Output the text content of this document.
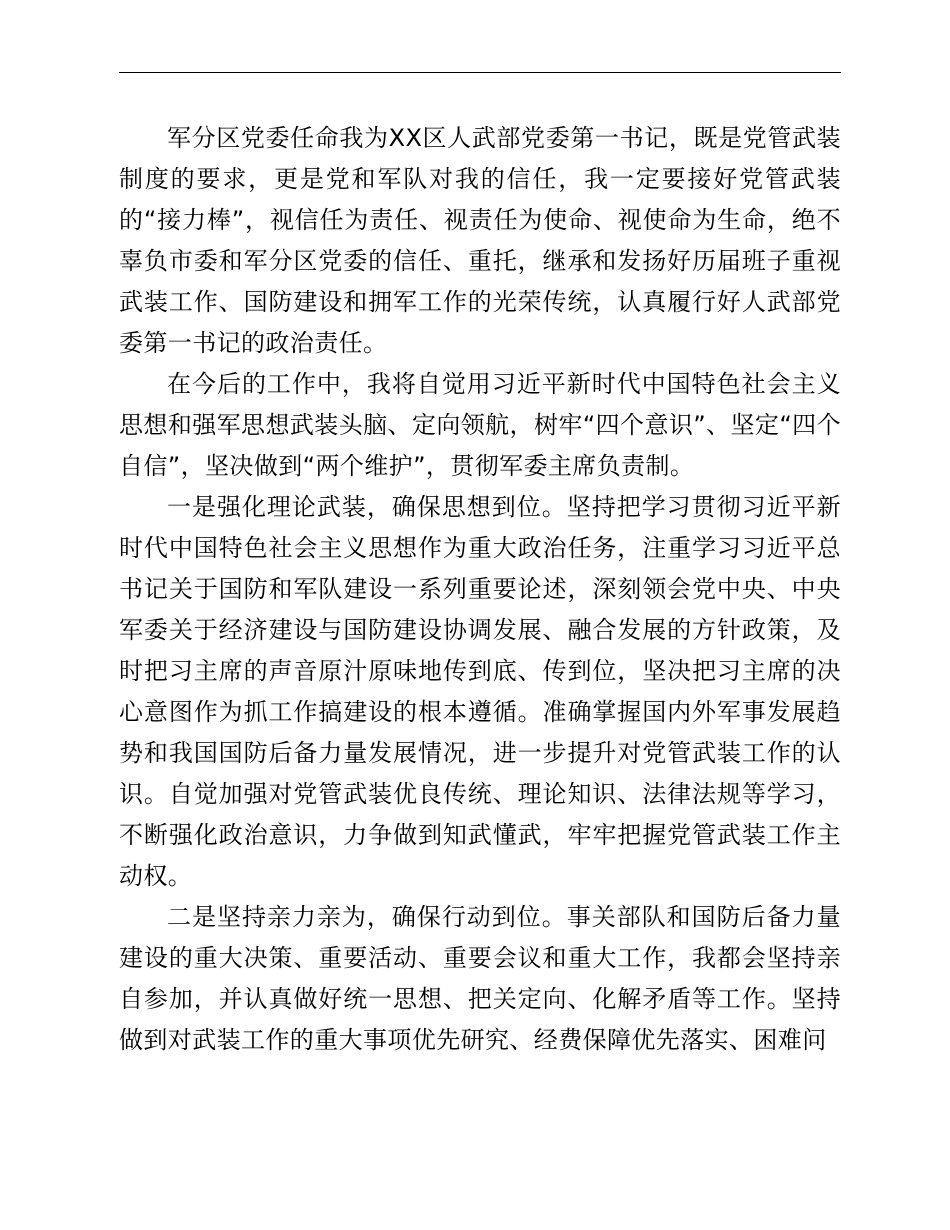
军分区党委任命我为XX区人武部党委第一书记，既是党管武装制度的要求，更是党和军队对我的信任，我一定要接好党管武装的“接力棒”，视信任为责任、视责任为使命、视使命为生命，绝不辜负市委和军分区党委的信任、重托，继承和发扬好历届班子重视武装工作、国防建设和拥军工作的光荣传统，认真履行好人武部党委第一书记的政治责任。

在今后的工作中，我将自觉用习近平新时代中国特色社会主义思想和强军思想武装头脑、定向领航，树牢“四个意识”、坚定“四个自信”，坚决做到“两个维护”，贯彻军委主席负责制。

一是强化理论武装，确保思想到位。坚持把学习贯彻习近平新时代中国特色社会主义思想作为重大政治任务，注重学习习近平总书记关于国防和军队建设一系列重要论述，深刻领会党中央、中央军委关于经济建设与国防建设协调发展、融合发展的方针政策，及时把习主席的声音原汁原味地传到底、传到位，坚决把习主席的决心意图作为抓工作搞建设的根本遵循。准确掌握国内外军事发展趋势和我国国防后备力量发展情况，进一步提升对党管武装工作的认识。自觉加强对党管武装优良传统、理论知识、法律法规等学习，不断强化政治意识，力争做到知武懂武，牢牢把握党管武装工作主动权。

二是坚持亲力亲为，确保行动到位。事关部队和国防后备力量建设的重大决策、重要活动、重要会议和重大工作，我都会坚持亲自参加，并认真做好统一思想、把关定向、化解矛盾等工作。坚持做到对武装工作的重大事项优先研究、经费保障优先落实、困难问
